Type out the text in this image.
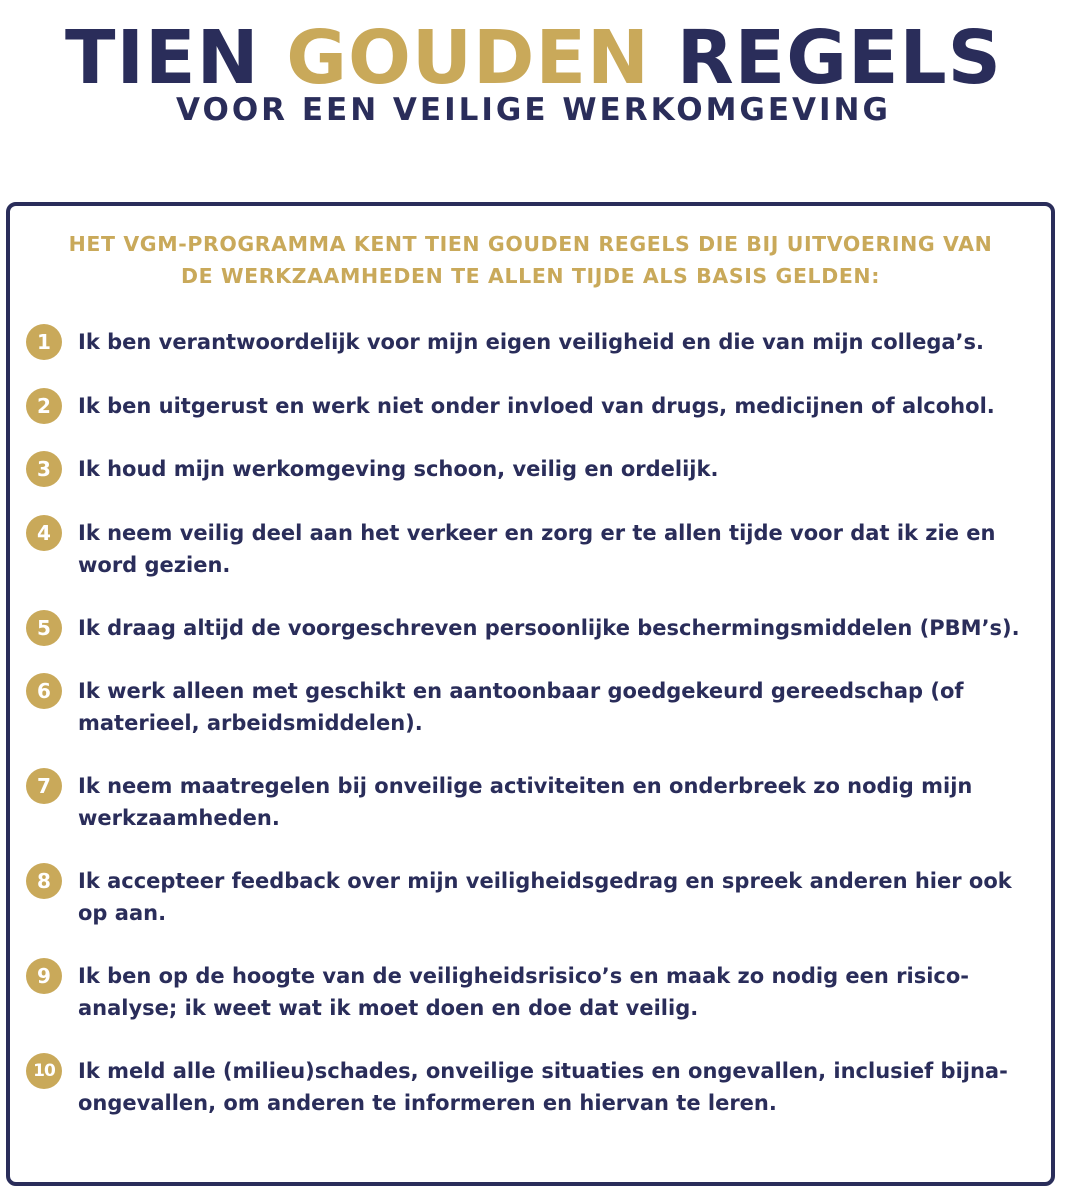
TIEN GOUDEN REGELS
VOOR EEN VEILIGE WERKOMGEVING
HET VGM-PROGRAMMA KENT TIEN GOUDEN REGELS DIE BIJ UITVOERING VAN
DE WERKZAAMHEDEN TE ALLEN TIJDE ALS BASIS GELDEN:
1	Ik ben verantwoordelijk voor mijn eigen veiligheid en die van mijn collega’s.
2	Ik ben uitgerust en werk niet onder invloed van drugs, medicijnen of alcohol.
3	Ik houd mijn werkomgeving schoon, veilig en ordelijk.
4	Ik neem veilig deel aan het verkeer en zorg er te allen tijde voor dat ik zie en word gezien.
5	Ik draag altijd de voorgeschreven persoonlijke beschermingsmiddelen (PBM’s).
6	Ik werk alleen met geschikt en aantoonbaar goedgekeurd gereedschap (of materieel, arbeidsmiddelen).
7	Ik neem maatregelen bij onveilige activiteiten en onderbreek zo nodig mijn werkzaamheden.
8	Ik accepteer feedback over mijn veiligheidsgedrag en spreek anderen hier ook op aan.
9	Ik ben op de hoogte van de veiligheidsrisico’s en maak zo nodig een risico-analyse; ik weet wat ik moet doen en doe dat veilig.
10	Ik meld alle (milieu)schades, onveilige situaties en ongevallen, inclusief bijna-ongevallen, om anderen te informeren en hiervan te leren.
